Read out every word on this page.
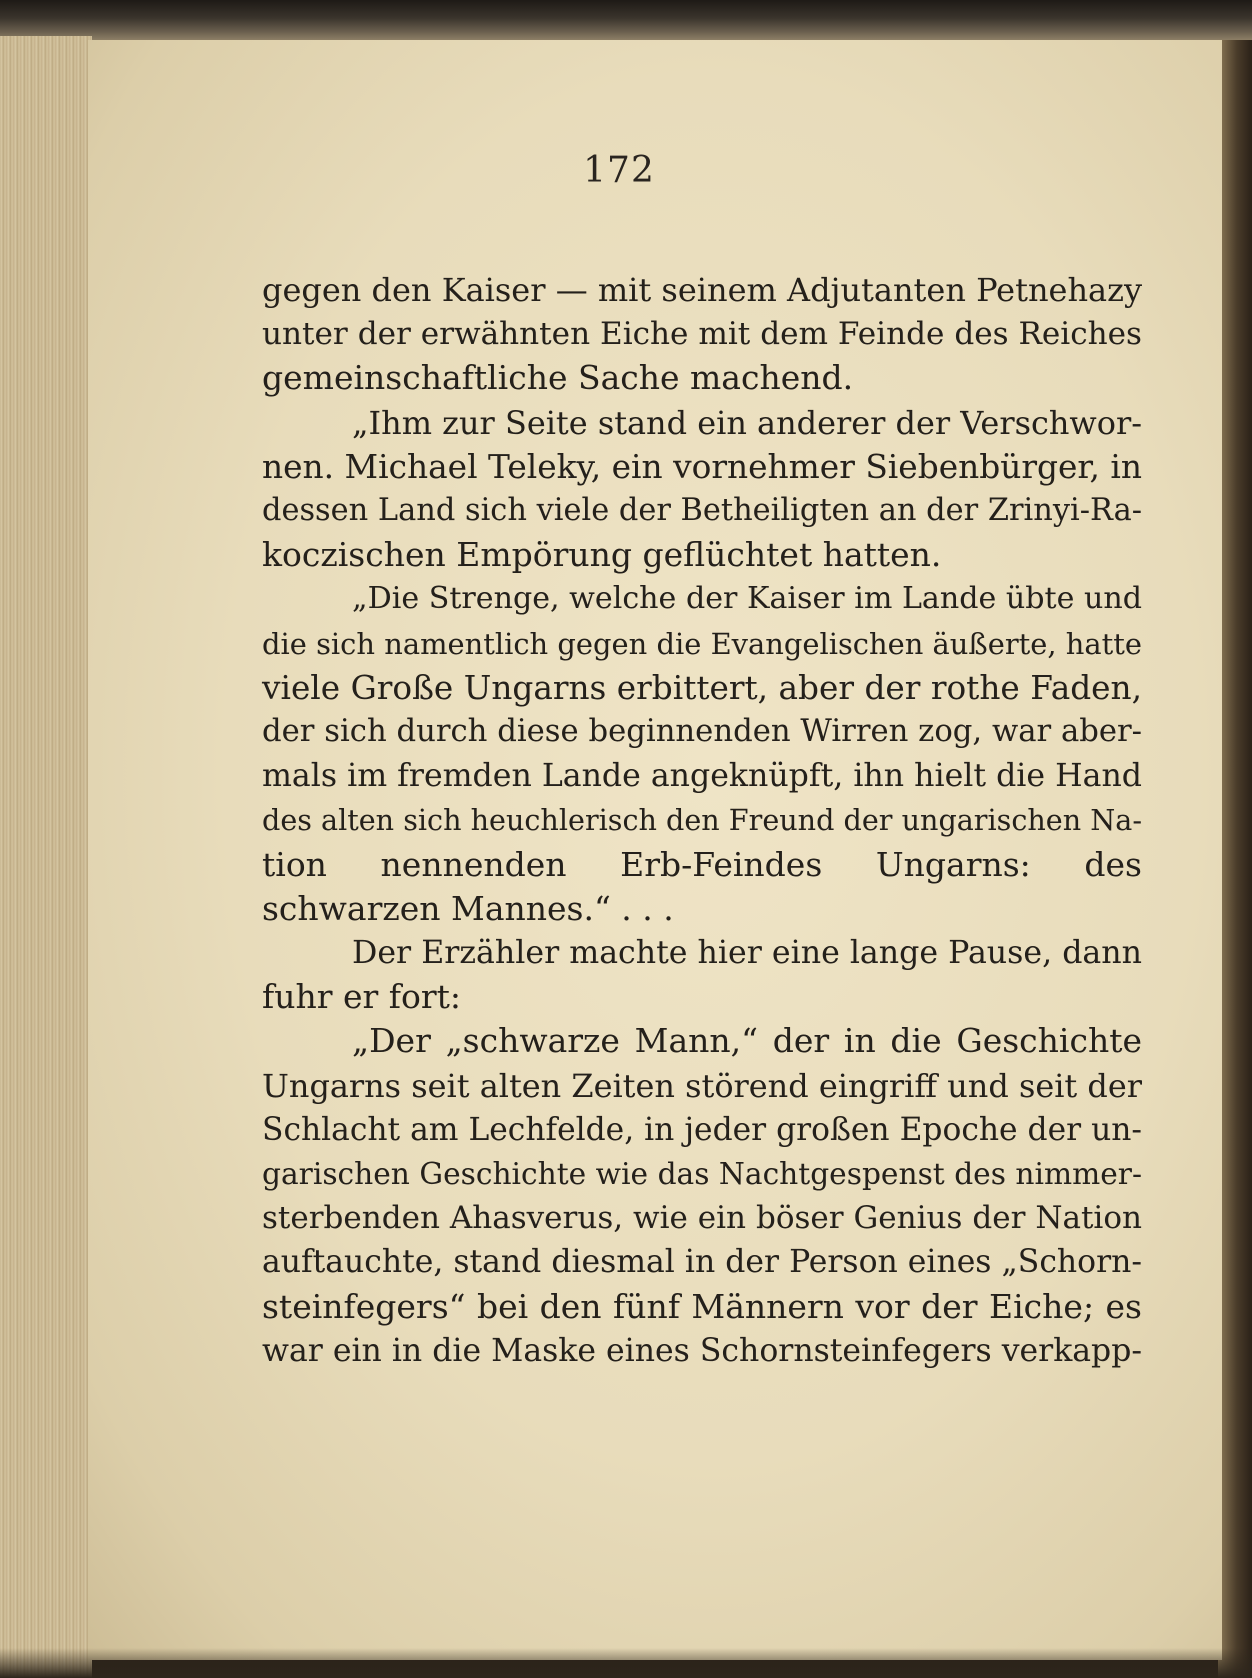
172
gegen den Kaiser — mit seinem Adjutanten Petnehazy
unter der erwähnten Eiche mit dem Feinde des Reiches
gemeinschaftliche Sache machend.
„Ihm zur Seite stand ein anderer der Verschwor-
nen. Michael Teleky, ein vornehmer Siebenbürger, in
dessen Land sich viele der Betheiligten an der Zrinyi-Ra-
koczischen Empörung geflüchtet hatten.
„Die Strenge, welche der Kaiser im Lande übte und
die sich namentlich gegen die Evangelischen äußerte, hatte
viele Große Ungarns erbittert, aber der rothe Faden,
der sich durch diese beginnenden Wirren zog, war aber-
mals im fremden Lande angeknüpft, ihn hielt die Hand
des alten sich heuchlerisch den Freund der ungarischen Na-
tion nennenden Erb-Feindes Ungarns: des
schwarzen Mannes.“ . . .
Der Erzähler machte hier eine lange Pause, dann
fuhr er fort:
„Der „schwarze Mann,“ der in die Geschichte
Ungarns seit alten Zeiten störend eingriff und seit der
Schlacht am Lechfelde, in jeder großen Epoche der un-
garischen Geschichte wie das Nachtgespenst des nimmer-
sterbenden Ahasverus, wie ein böser Genius der Nation
auftauchte, stand diesmal in der Person eines „Schorn-
steinfegers“ bei den fünf Männern vor der Eiche; es
war ein in die Maske eines Schornsteinfegers verkapp-
